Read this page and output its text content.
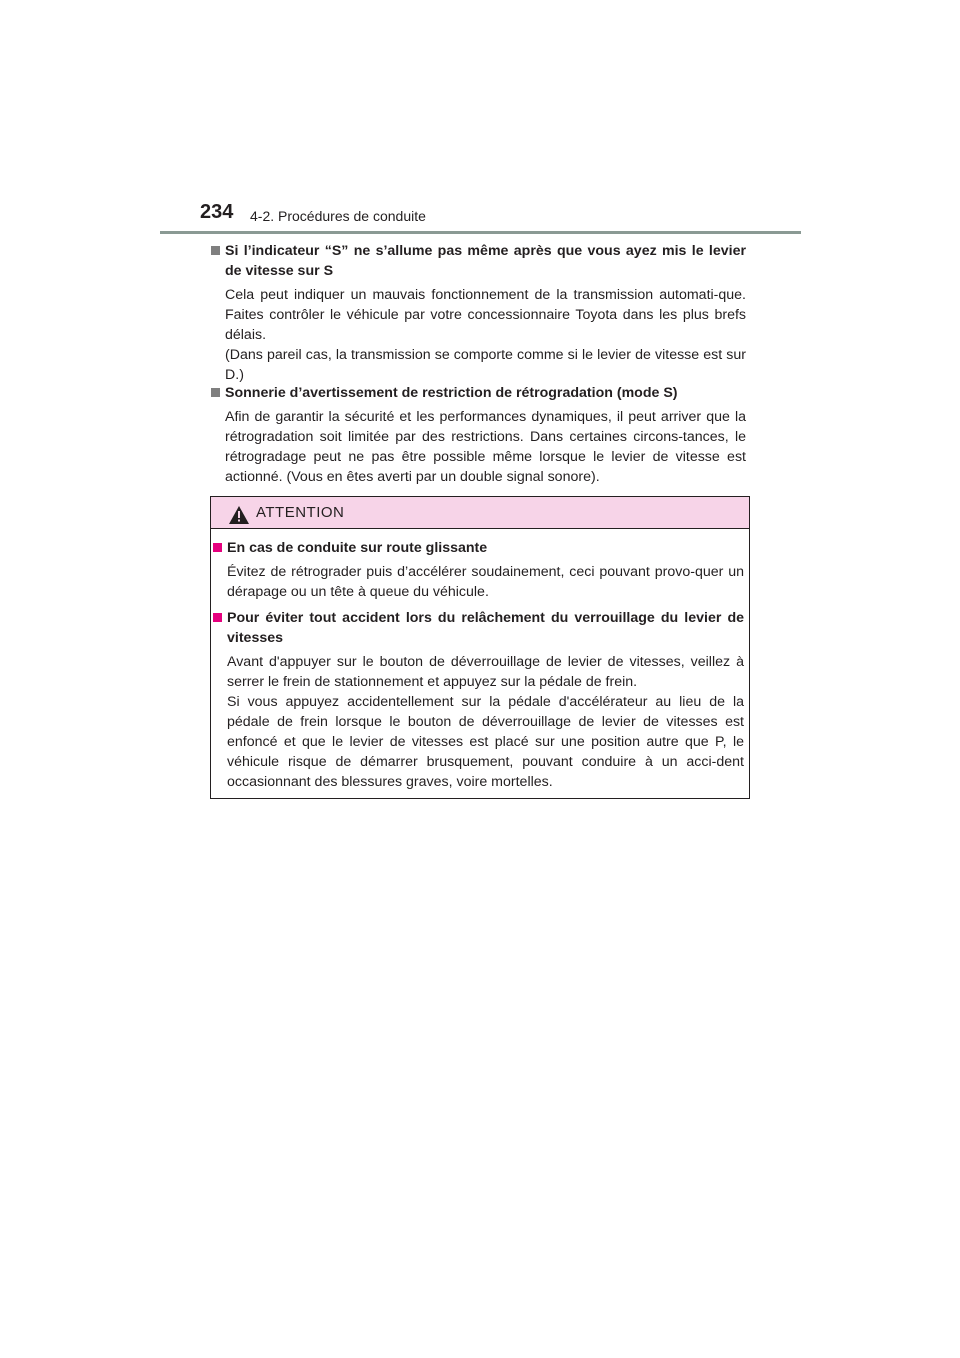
234 4-2. Procédures de conduite
Si l’indicateur “S” ne s’allume pas même après que vous ayez mis le levier de vitesse sur S

Cela peut indiquer un mauvais fonctionnement de la transmission automati-que. Faites contrôler le véhicule par votre concessionnaire Toyota dans les plus brefs délais.

(Dans pareil cas, la transmission se comporte comme si le levier de vitesse est sur D.)

Sonnerie d’avertissement de restriction de rétrogradation (mode S)

Afin de garantir la sécurité et les performances dynamiques, il peut arriver que la rétrogradation soit limitée par des restrictions. Dans certaines circons-tances, le rétrogradage peut ne pas être possible même lorsque le levier de vitesse est actionné. (Vous en êtes averti par un double signal sonore).

ATTENTION
En cas de conduite sur route glissante

Évitez de rétrograder puis d’accélérer soudainement, ceci pouvant provo-quer un dérapage ou un tête à queue du véhicule.

Pour éviter tout accident lors du relâchement du verrouillage du levier de vitesses

Avant d'appuyer sur le bouton de déverrouillage de levier de vitesses, veillez à serrer le frein de stationnement et appuyez sur la pédale de frein.

Si vous appuyez accidentellement sur la pédale d'accélérateur au lieu de la pédale de frein lorsque le bouton de déverrouillage de levier de vitesses est enfoncé et que le levier de vitesses est placé sur une position autre que P, le véhicule risque de démarrer brusquement, pouvant conduire à un acci-dent occasionnant des blessures graves, voire mortelles.
